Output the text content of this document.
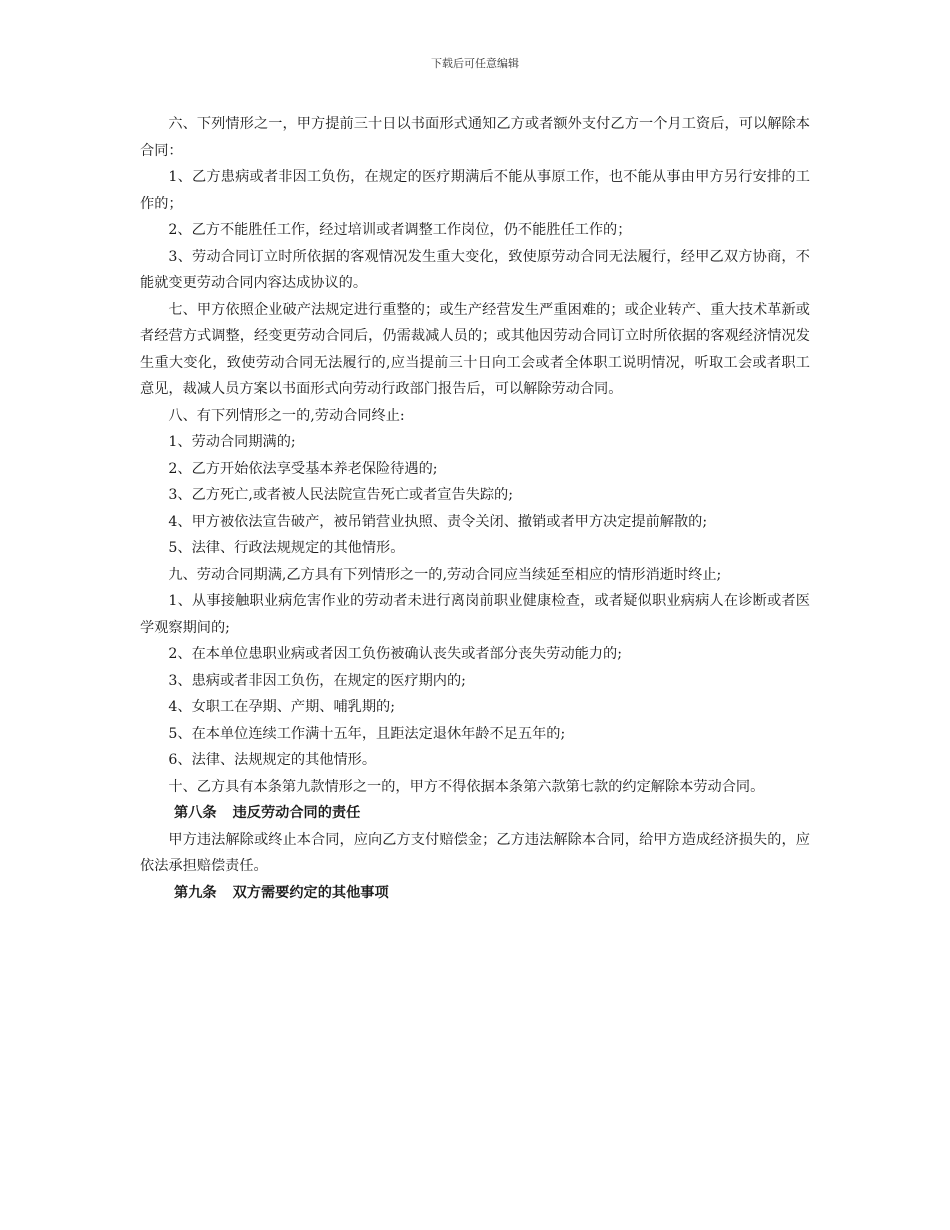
下载后可任意编辑

六、下列情形之一，甲方提前三十日以书面形式通知乙方或者额外支付乙方一个月工资后，可以解除本合同：

1、乙方患病或者非因工负伤，在规定的医疗期满后不能从事原工作，也不能从事由甲方另行安排的工作的；

2、乙方不能胜任工作，经过培训或者调整工作岗位，仍不能胜任工作的；

3、劳动合同订立时所依据的客观情况发生重大变化，致使原劳动合同无法履行，经甲乙双方协商，不能就变更劳动合同内容达成协议的。

七、甲方依照企业破产法规定进行重整的；或生产经营发生严重困难的；或企业转产、重大技术革新或者经营方式调整，经变更劳动合同后，仍需裁减人员的；或其他因劳动合同订立时所依据的客观经济情况发生重大变化，致使劳动合同无法履行的,应当提前三十日向工会或者全体职工说明情况，听取工会或者职工意见，裁减人员方案以书面形式向劳动行政部门报告后，可以解除劳动合同。

八、有下列情形之一的,劳动合同终止:

1、劳动合同期满的;

2、乙方开始依法享受基本养老保险待遇的;

3、乙方死亡,或者被人民法院宣告死亡或者宣告失踪的;

4、甲方被依法宣告破产，被吊销营业执照、责令关闭、撤销或者甲方决定提前解散的;

5、法律、行政法规规定的其他情形。

九、劳动合同期满,乙方具有下列情形之一的,劳动合同应当续延至相应的情形消逝时终止;

1、从事接触职业病危害作业的劳动者未进行离岗前职业健康检查，或者疑似职业病病人在诊断或者医学观察期间的;

2、在本单位患职业病或者因工负伤被确认丧失或者部分丧失劳动能力的;

3、患病或者非因工负伤，在规定的医疗期内的;

4、女职工在孕期、产期、哺乳期的;

5、在本单位连续工作满十五年，且距法定退休年龄不足五年的;

6、法律、法规规定的其他情形。

十、乙方具有本条第九款情形之一的，甲方不得依据本条第六款第七款的约定解除本劳动合同。

第八条 违反劳动合同的责任

甲方违法解除或终止本合同，应向乙方支付赔偿金；乙方违法解除本合同，给甲方造成经济损失的，应依法承担赔偿责任。

第九条 双方需要约定的其他事项
